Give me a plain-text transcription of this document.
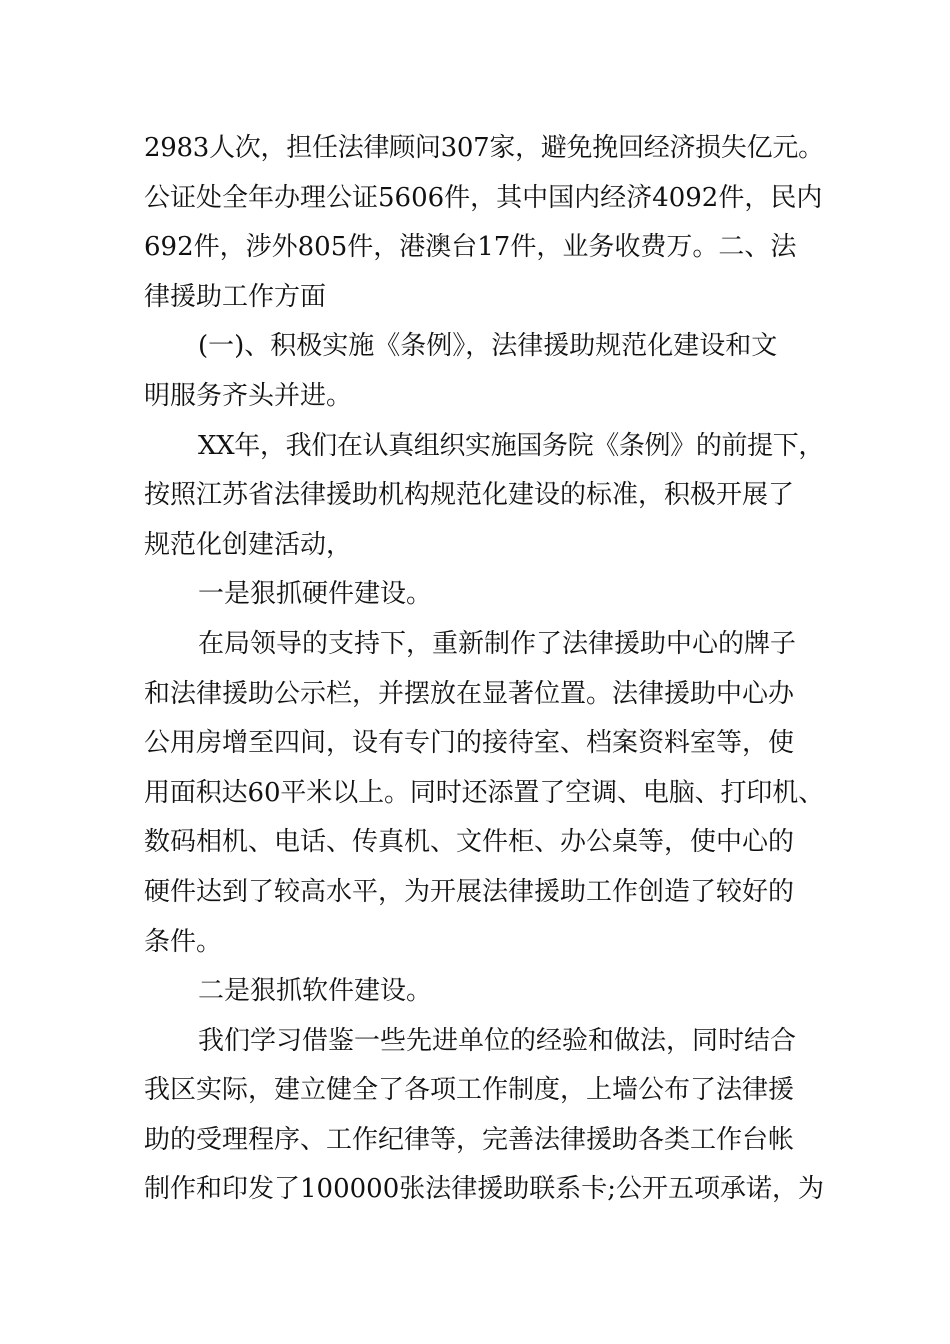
2983人次，担任法律顾问307家，避免挽回经济损失亿元。
公证处全年办理公证5606件，其中国内经济4092件，民内
692件，涉外805件，港澳台17件，业务收费万。二、法
律援助工作方面
(一)、积极实施《条例》，法律援助规范化建设和文
明服务齐头并进。
XX年，我们在认真组织实施国务院《条例》的前提下，
按照江苏省法律援助机构规范化建设的标准，积极开展了
规范化创建活动，
一是狠抓硬件建设。
在局领导的支持下，重新制作了法律援助中心的牌子
和法律援助公示栏，并摆放在显著位置。法律援助中心办
公用房增至四间，设有专门的接待室、档案资料室等，使
用面积达60平米以上。同时还添置了空调、电脑、打印机、
数码相机、电话、传真机、文件柜、办公桌等，使中心的
硬件达到了较高水平，为开展法律援助工作创造了较好的
条件。
二是狠抓软件建设。
我们学习借鉴一些先进单位的经验和做法，同时结合
我区实际，建立健全了各项工作制度，上墙公布了法律援
助的受理程序、工作纪律等，完善法律援助各类工作台帐
制作和印发了100000张法律援助联系卡;公开五项承诺，为
